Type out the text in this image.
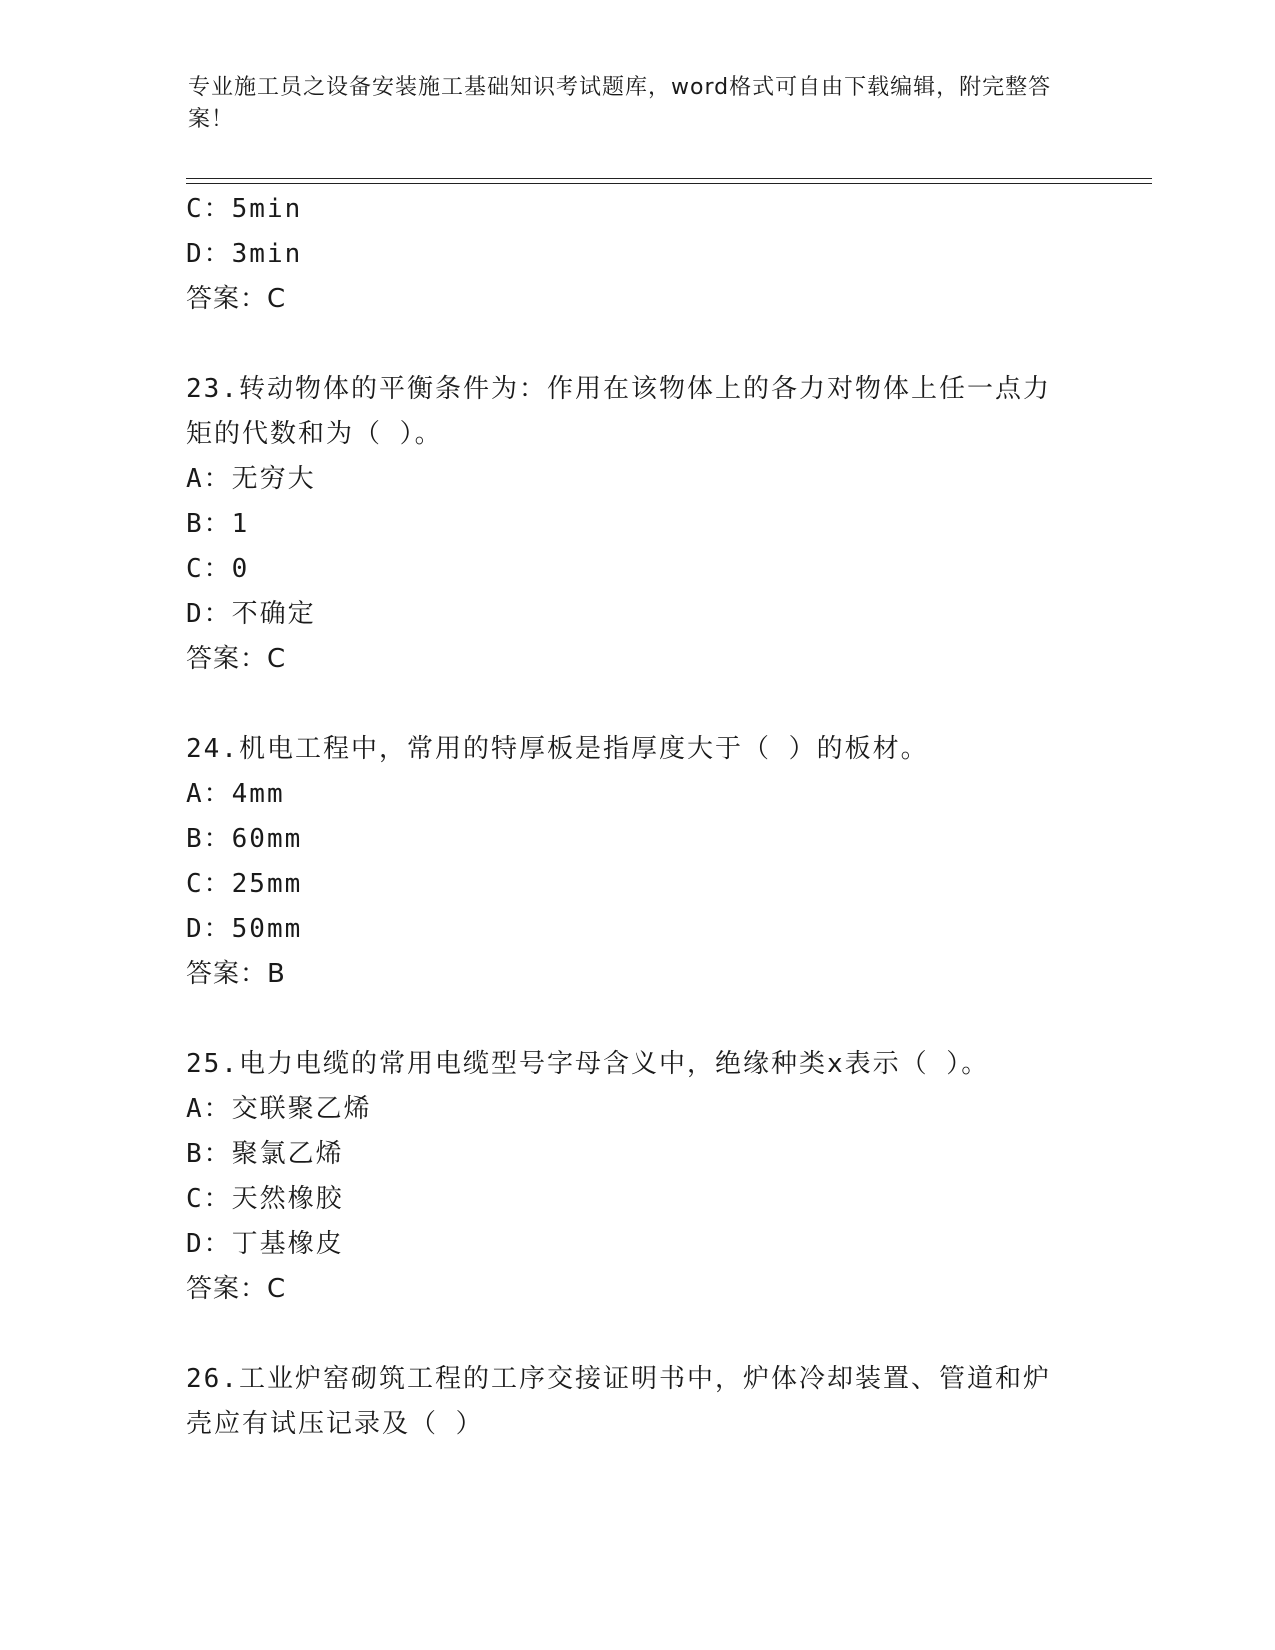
专业施工员之设备安装施工基础知识考试题库，word格式可自由下载编辑，附完整答案！
C：5min
D：3min
答案：C
23.转动物体的平衡条件为：作用在该物体上的各力对物体上任一点力
矩的代数和为（ ）。
A：无穷大
B：1
C：0
D：不确定
答案：C
24.机电工程中，常用的特厚板是指厚度大于（ ）的板材。
A：4mm
B：60mm
C：25mm
D：50mm
答案：B
25.电力电缆的常用电缆型号字母含义中，绝缘种类x表示（ ）。
A：交联聚乙烯
B：聚氯乙烯
C：天然橡胶
D：丁基橡皮
答案：C
26.工业炉窑砌筑工程的工序交接证明书中，炉体冷却装置、管道和炉
壳应有试压记录及（ ）
